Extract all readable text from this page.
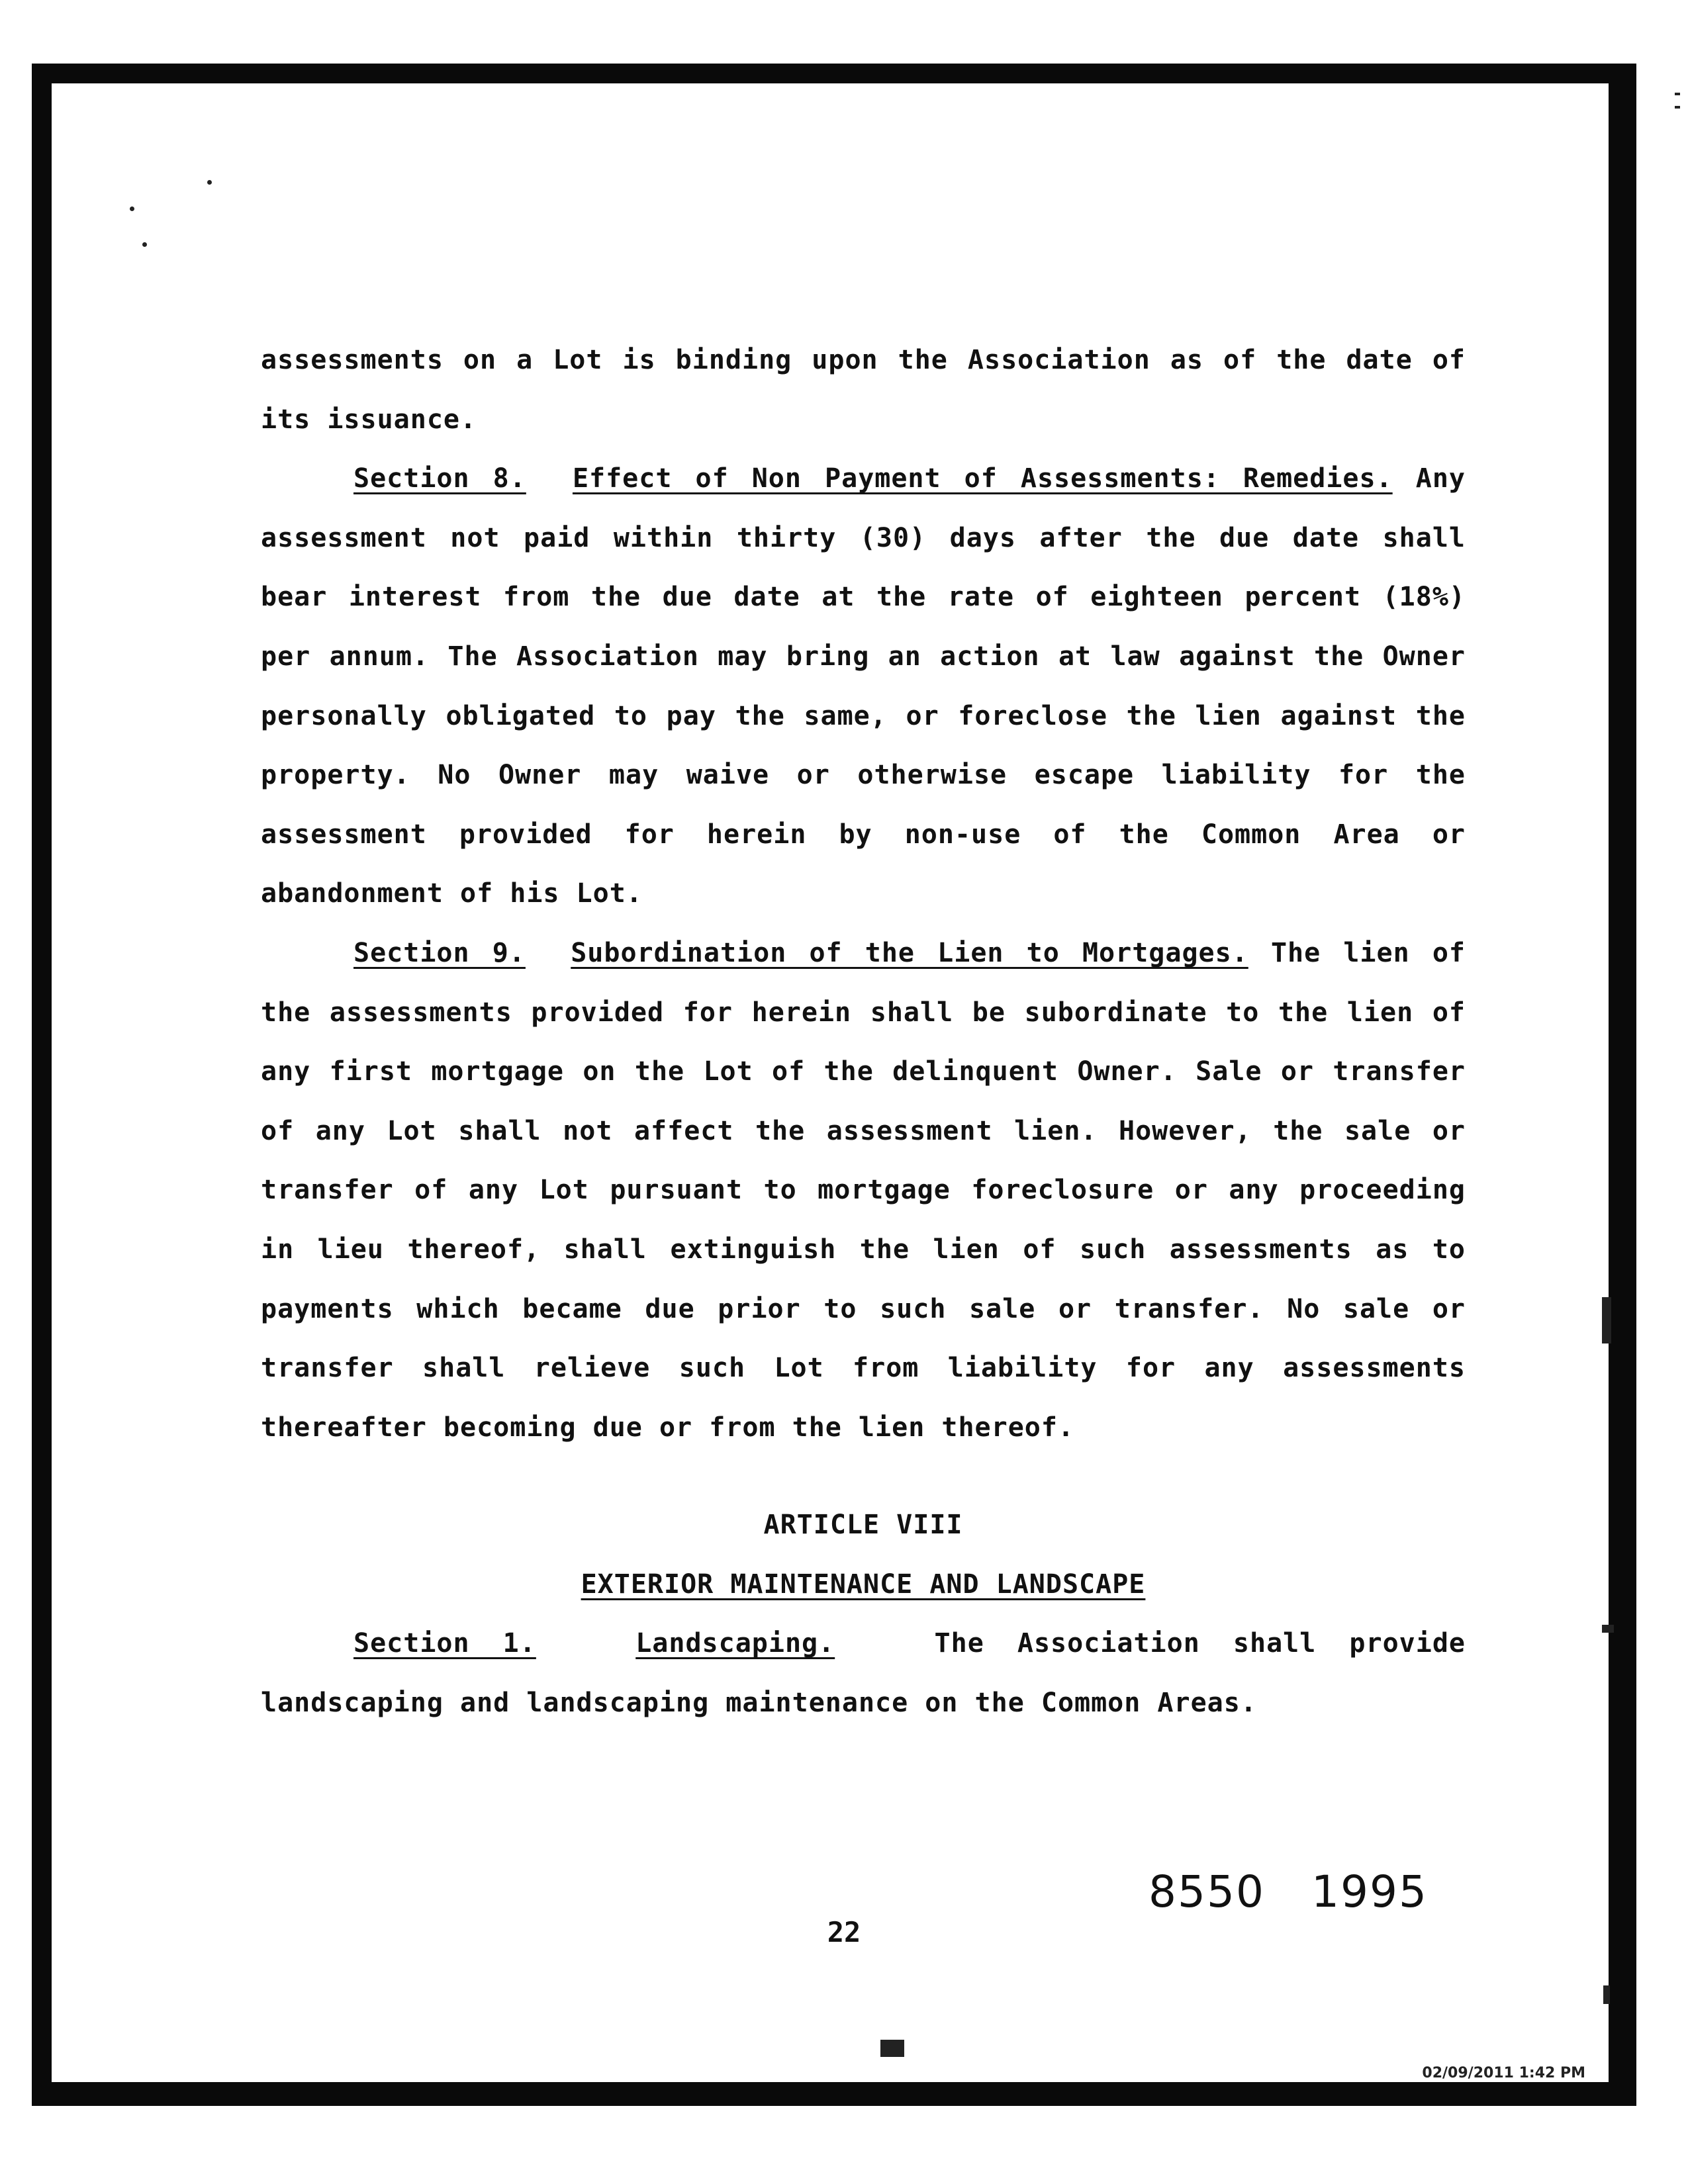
assessments on a Lot is binding upon the Association as of the date of its issuance.

Section 8. Effect of Non Payment of Assessments: Remedies. Any assessment not paid within thirty (30) days after the due date shall bear interest from the due date at the rate of eighteen percent (18%) per annum. The Association may bring an action at law against the Owner personally obligated to pay the same, or foreclose the lien against the property. No Owner may waive or otherwise escape liability for the assessment provided for herein by non-use of the Common Area or abandonment of his Lot.

Section 9. Subordination of the Lien to Mortgages. The lien of the assessments provided for herein shall be subordinate to the lien of any first mortgage on the Lot of the delinquent Owner. Sale or transfer of any Lot shall not affect the assessment lien. However, the sale or transfer of any Lot pursuant to mortgage foreclosure or any proceeding in lieu thereof, shall extinguish the lien of such assessments as to payments which became due prior to such sale or transfer. No sale or transfer shall relieve such Lot from liability for any assessments thereafter becoming due or from the lien thereof.

ARTICLE VIII

EXTERIOR MAINTENANCE AND LANDSCAPE

Section 1.	Landscaping.	The Association shall provide landscaping and landscaping maintenance on the Common Areas.

8550 1995
22
02/09/2011 1:42 PM
